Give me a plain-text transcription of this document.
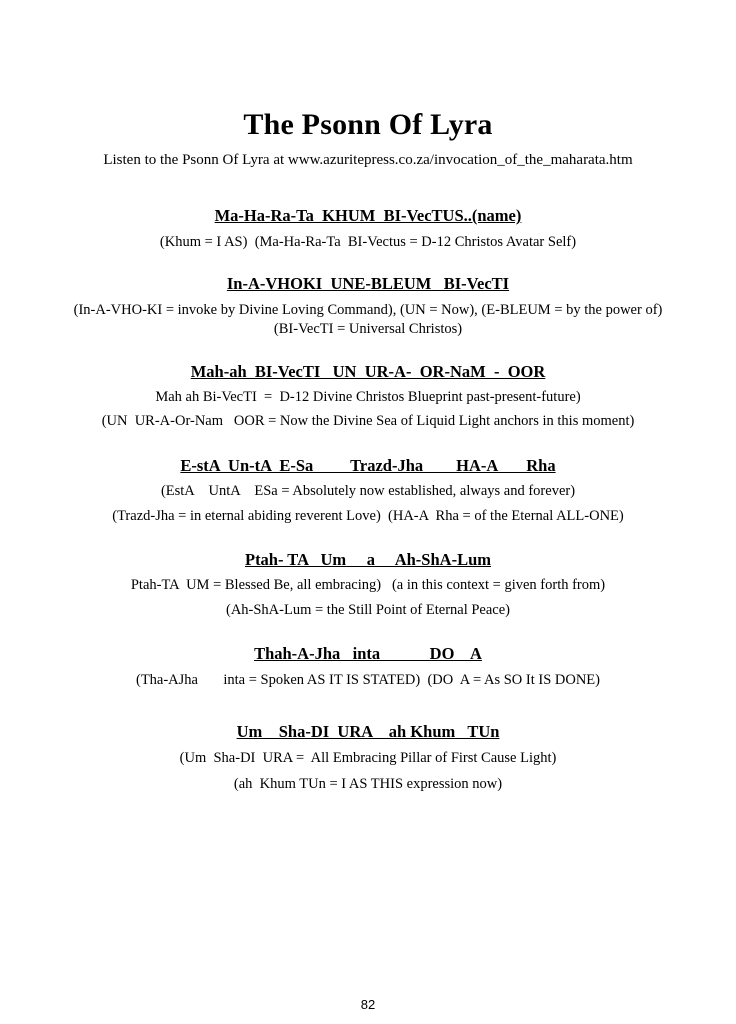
The Psonn Of Lyra
Listen to the Psonn Of Lyra at www.azuritepress.co.za/invocation_of_the_maharata.htm
Ma-Ha-Ra-Ta  KHUM  BI-VecTUS..(name)
(Khum = I AS)  (Ma-Ha-Ra-Ta  BI-Vectus = D-12 Christos Avatar Self)
In-A-VHOKI  UNE-BLEUM   BI-VecTI
(In-A-VHO-KI = invoke by Divine Loving Command), (UN = Now), (E-BLEUM = by the power of) (BI-VecTI = Universal Christos)
Mah-ah  BI-VecTI   UN  UR-A-  OR-NaM  -  OOR
Mah ah Bi-VecTI  =  D-12 Divine Christos Blueprint past-present-future)
(UN  UR-A-Or-Nam   OOR = Now the Divine Sea of Liquid Light anchors in this moment)
E-stA  Un-tA  E-Sa         Trazd-Jha        HA-A       Rha
(EstA    UntA    ESa = Absolutely now established, always and forever)
(Trazd-Jha = in eternal abiding reverent Love)  (HA-A  Rha = of the Eternal ALL-ONE)
Ptah- TA   Um     a     Ah-ShA-Lum
Ptah-TA  UM = Blessed Be, all embracing)   (a in this context = given forth from)
(Ah-ShA-Lum = the Still Point of Eternal Peace)
Thah-A-Jha   inta            DO    A
(Tha-AJha       inta = Spoken AS IT IS STATED)  (DO  A = As SO It IS DONE)
Um    Sha-DI  URA    ah Khum   TUn
(Um  Sha-DI  URA =  All Embracing Pillar of First Cause Light)
(ah  Khum TUn = I AS THIS expression now)
82
